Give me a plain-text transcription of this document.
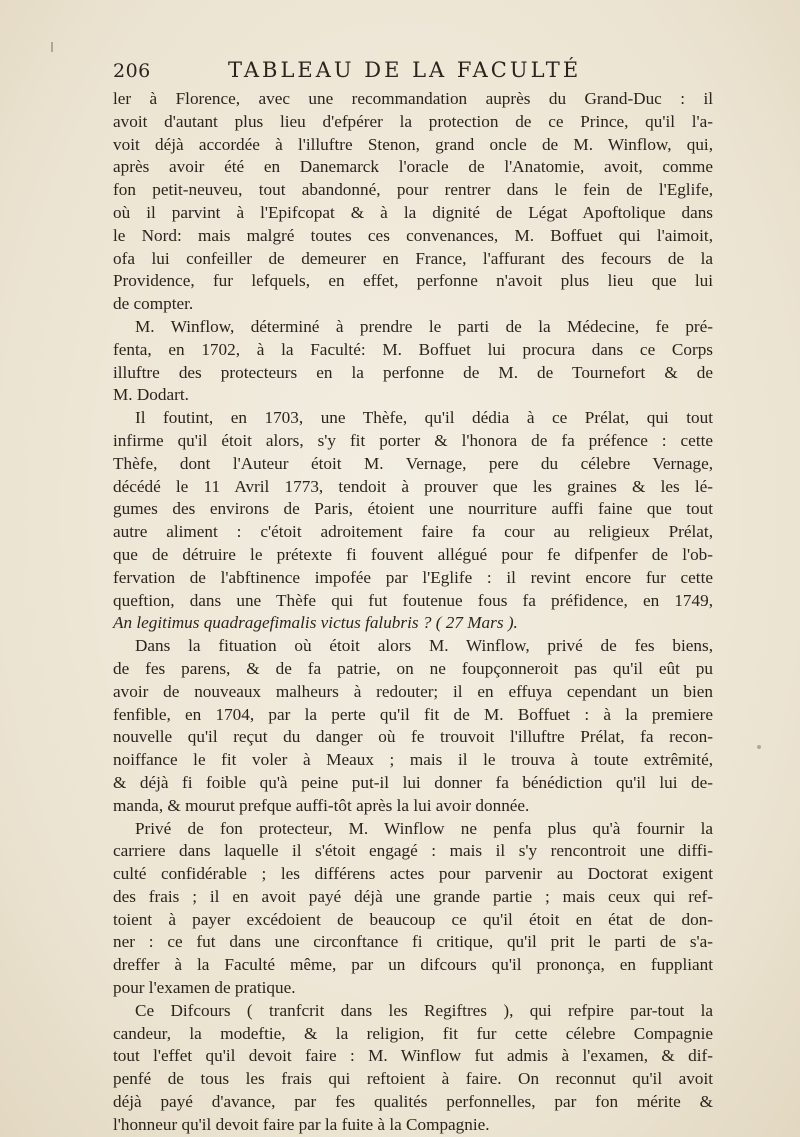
206	TABLEAU DE LA FACULTÉ
ler à Florence, avec une recommandation auprès du Grand-Duc : il
avoit d'autant plus lieu d'efpérer la protection de ce Prince, qu'il l'a-
voit déjà accordée à l'illuftre Stenon, grand oncle de M. Winflow, qui,
après avoir été en Danemarck l'oracle de l'Anatomie, avoit, comme
fon petit-neuveu, tout abandonné, pour rentrer dans le fein de l'Eglife,
où il parvint à l'Epifcopat & à la dignité de Légat Apoftolique dans
le Nord: mais malgré toutes ces convenances, M. Boffuet qui l'aimoit,
ofa lui confeiller de demeurer en France, l'affurant des fecours de la
Providence, fur lefquels, en effet, perfonne n'avoit plus lieu que lui
de compter.
M. Winflow, déterminé à prendre le parti de la Médecine, fe pré-
fenta, en 1702, à la Faculté: M. Boffuet lui procura dans ce Corps
illuftre des protecteurs en la perfonne de M. de Tournefort & de
M. Dodart.
Il foutint, en 1703, une Thèfe, qu'il dédia à ce Prélat, qui tout
infirme qu'il étoit alors, s'y fit porter & l'honora de fa préfence : cette
Thèfe, dont l'Auteur étoit M. Vernage, pere du célebre Vernage,
décédé le 11 Avril 1773, tendoit à prouver que les graines & les lé-
gumes des environs de Paris, étoient une nourriture auffi faine que tout
autre aliment : c'étoit adroitement faire fa cour au religieux Prélat,
que de détruire le prétexte fi fouvent allégué pour fe difpenfer de l'ob-
fervation de l'abftinence impofée par l'Eglife : il revint encore fur cette
queftion, dans une Thèfe qui fut foutenue fous fa préfidence, en 1749,
An legitimus quadragefimalis victus falubris ? ( 27 Mars ).
Dans la fituation où étoit alors M. Winflow, privé de fes biens,
de fes parens, & de fa patrie, on ne foupçonneroit pas qu'il eût pu
avoir de nouveaux malheurs à redouter; il en effuya cependant un bien
fenfible, en 1704, par la perte qu'il fit de M. Boffuet : à la premiere
nouvelle qu'il reçut du danger où fe trouvoit l'illuftre Prélat, fa recon-
noiffance le fit voler à Meaux ; mais il le trouva à toute extrêmité,
& déjà fi foible qu'à peine put-il lui donner fa bénédiction qu'il lui de-
manda, & mourut prefque auffi-tôt après la lui avoir donnée.
Privé de fon protecteur, M. Winflow ne penfa plus qu'à fournir la
carriere dans laquelle il s'étoit engagé : mais il s'y rencontroit une diffi-
culté confidérable ; les différens actes pour parvenir au Doctorat exigent
des frais ; il en avoit payé déjà une grande partie ; mais ceux qui ref-
toient à payer excédoient de beaucoup ce qu'il étoit en état de don-
ner : ce fut dans une circonftance fi critique, qu'il prit le parti de s'a-
dreffer à la Faculté même, par un difcours qu'il prononça, en fuppliant
pour l'examen de pratique.
Ce Difcours ( tranfcrit dans les Regiftres ), qui refpire par-tout la
candeur, la modeftie, & la religion, fit fur cette célebre Compagnie
tout l'effet qu'il devoit faire : M. Winflow fut admis à l'examen, & dif-
penfé de tous les frais qui reftoient à faire. On reconnut qu'il avoit
déjà payé d'avance, par fes qualités perfonnelles, par fon mérite &
l'honneur qu'il devoit faire par la fuite à la Compagnie.
